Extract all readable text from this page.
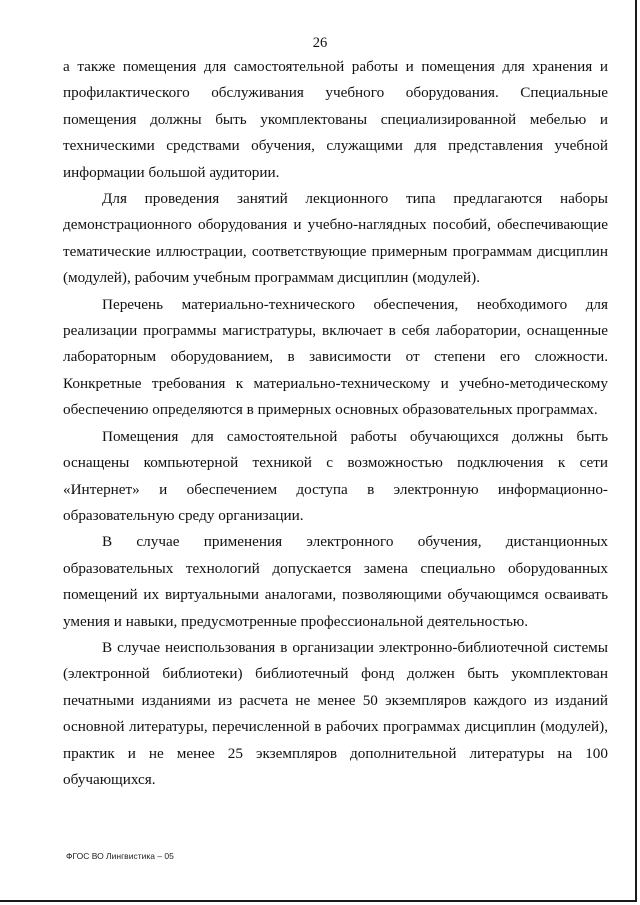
26

а также помещения для самостоятельной работы и помещения для хранения и профилактического обслуживания учебного оборудования. Специальные помещения должны быть укомплектованы специализированной мебелью и техническими средствами обучения, служащими для представления учебной информации большой аудитории.

Для проведения занятий лекционного типа предлагаются наборы демонстрационного оборудования и учебно-наглядных пособий, обеспечивающие тематические иллюстрации, соответствующие примерным программам дисциплин (модулей), рабочим учебным программам дисциплин (модулей).

Перечень материально-технического обеспечения, необходимого для реализации программы магистратуры, включает в себя лаборатории, оснащенные лабораторным оборудованием, в зависимости от степени его сложности. Конкретные требования к материально-техническому и учебно-методическому обеспечению определяются в примерных основных образовательных программах.

Помещения для самостоятельной работы обучающихся должны быть оснащены компьютерной техникой с возможностью подключения к сети «Интернет» и обеспечением доступа в электронную информационно-образовательную среду организации.

В случае применения электронного обучения, дистанционных образовательных технологий допускается замена специально оборудованных помещений их виртуальными аналогами, позволяющими обучающимся осваивать умения и навыки, предусмотренные профессиональной деятельностью.

В случае неиспользования в организации электронно-библиотечной системы (электронной библиотеки) библиотечный фонд должен быть укомплектован печатными изданиями из расчета не менее 50 экземпляров каждого из изданий основной литературы, перечисленной в рабочих программах дисциплин (модулей), практик и не менее 25 экземпляров дополнительной литературы на 100 обучающихся.

ФГОС ВО Лингвистика – 05
